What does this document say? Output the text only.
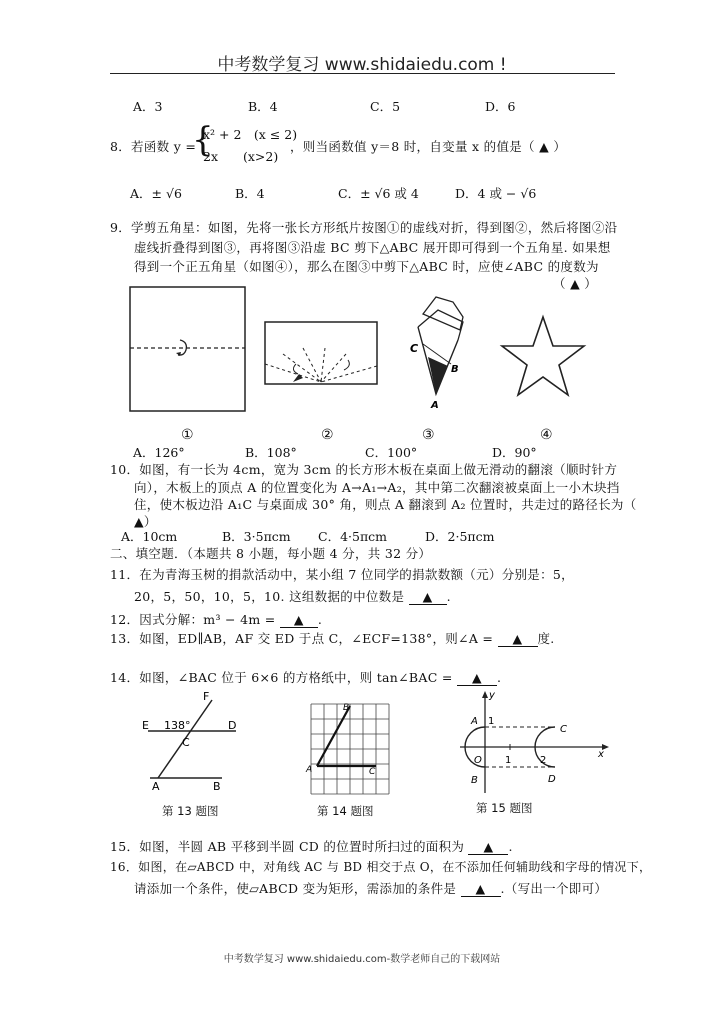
中考数学复习 www.shidaiedu.com !
A．3	B．4	C．5	D．6
8．若函数 y =
{
x² + 2　(x ≤ 2)
2x　　(x>2)
，则当函数值 y＝8 时，自变量 x 的值是（ ▲ ）
A．± √6	B．4	C．± √6 或 4	D．4 或 − √6
9．学剪五角星：如图，先将一张长方形纸片按图①的虚线对折，得到图②，然后将图②沿
虚线折叠得到图③，再将图③沿虚 BC 剪下△ABC 展开即可得到一个五角星. 如果想
得到一个正五角星（如图④），那么在图③中剪下△ABC 时，应使∠ABC 的度数为
（ ▲ ）
C
B
A
①	②	③	④
A．126°	B．108°	C．100°	D．90°
10．如图，有一长为 4cm，宽为 3cm 的长方形木板在桌面上做无滑动的翻滚（顺时针方
向），木板上的顶点 A 的位置变化为 A→A₁→A₂，其中第二次翻滚被桌面上一小木块挡
住，使木板边沿 A₁C 与桌面成 30° 角，则点 A 翻滚到 A₂ 位置时，共走过的路径长为（
▲）
A．10cm	B．3·5πcm C．4·5πcm	D．2·5πcm
二、填空题．（本题共 8 小题，每小题 4 分，共 32 分）
11．在为青海玉树的捐款活动中，某小组 7 位同学的捐款数额（元）分别是：5，
20，5，50，10，5，10. 这组数据的中位数是 ▲ .
12．因式分解：m³ − 4m = ▲ .
13．如图，ED∥AB，AF 交 ED 于点 C，∠ECF=138°，则∠A = ▲ 度.
14．如图，∠BAC 位于 6×6 的方格纸中，则 tan∠BAC = ▲ .
F
E 138°	D
C
A	B
第 13 题图
B
A	C
第 14 题图
y
A 1
C
O 1	2
x
B	D
第 15 题图
15．如图，半圆 AB 平移到半圆 CD 的位置时所扫过的面积为 ▲ .
16．如图，在▱ABCD 中，对角线 AC 与 BD 相交于点 O，在不添加任何辅助线和字母的情况下，
请添加一个条件，使▱ABCD 变为矩形，需添加的条件是 ▲ .（写出一个即可）
中考数学复习 www.shidaiedu.com-数学老师自己的下载网站
